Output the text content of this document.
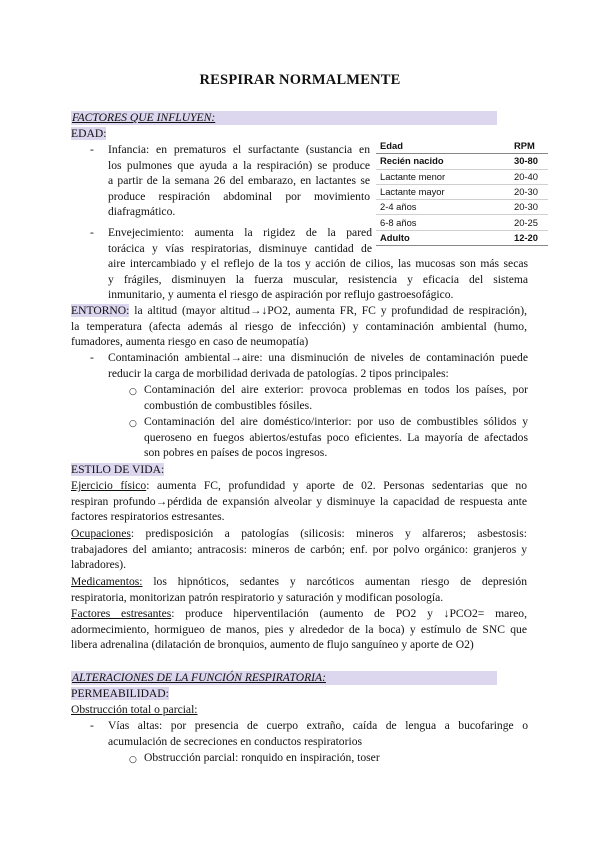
RESPIRAR NORMALMENTE
FACTORES QUE INFLUYEN:
EDAD:
- Infancia: en prematuros el surfactante (sustancia en
los pulmones que ayuda a la respiración) se produce
a partir de la semana 26 del embarazo, en lactantes se
produce respiración abdominal por movimiento
diafragmático.
- Envejecimiento: aumenta la rigidez de la pared
torácica y vías respiratorias, disminuye cantidad de
aire intercambiado y el reflejo de la tos y acción de cilios, las mucosas son más secas
y frágiles, disminuyen la fuerza muscular, resistencia y eficacia del sistema
inmunitario, y aumenta el riesgo de aspiración por reflujo gastroesofágico.
Edad	RPM
Recién nacido	30-80
Lactante menor	20-40
Lactante mayor	20-30
2-4 años	20-30
6-8 años	20-25
Adulto	12-20
ENTORNO: la altitud (mayor altitud→↓PO2, aumenta FR, FC y profundidad de respiración),
la temperatura (afecta además al riesgo de infección) y contaminación ambiental (humo,
fumadores, aumenta riesgo en caso de neumopatía)
- Contaminación ambiental→aire: una disminución de niveles de contaminación puede
reducir la carga de morbilidad derivada de patologías. 2 tipos principales:
○ Contaminación del aire exterior: provoca problemas en todos los países, por
combustión de combustibles fósiles.
○ Contaminación del aire doméstico/interior: por uso de combustibles sólidos y
queroseno en fuegos abiertos/estufas poco eficientes. La mayoría de afectados
son pobres en países de pocos ingresos.
ESTILO DE VIDA:
Ejercicio físico: aumenta FC, profundidad y aporte de 02. Personas sedentarias que no
respiran profundo→pérdida de expansión alveolar y disminuye la capacidad de respuesta ante
factores respiratorios estresantes.
Ocupaciones: predisposición a patologías (silicosis: mineros y alfareros; asbestosis:
trabajadores del amianto; antracosis: mineros de carbón; enf. por polvo orgánico: granjeros y
labradores).
Medicamentos: los hipnóticos, sedantes y narcóticos aumentan riesgo de depresión
respiratoria, monitorizan patrón respiratorio y saturación y modifican posología.
Factores estresantes: produce hiperventilación (aumento de PO2 y ↓PCO2= mareo,
adormecimiento, hormigueo de manos, pies y alrededor de la boca) y estímulo de SNC que
libera adrenalina (dilatación de bronquios, aumento de flujo sanguíneo y aporte de O2)
ALTERACIONES DE LA FUNCIÓN RESPIRATORIA:
PERMEABILIDAD:
Obstrucción total o parcial:
- Vías altas: por presencia de cuerpo extraño, caída de lengua a bucofaringe o
acumulación de secreciones en conductos respiratorios
○ Obstrucción parcial: ronquido en inspiración, toser
